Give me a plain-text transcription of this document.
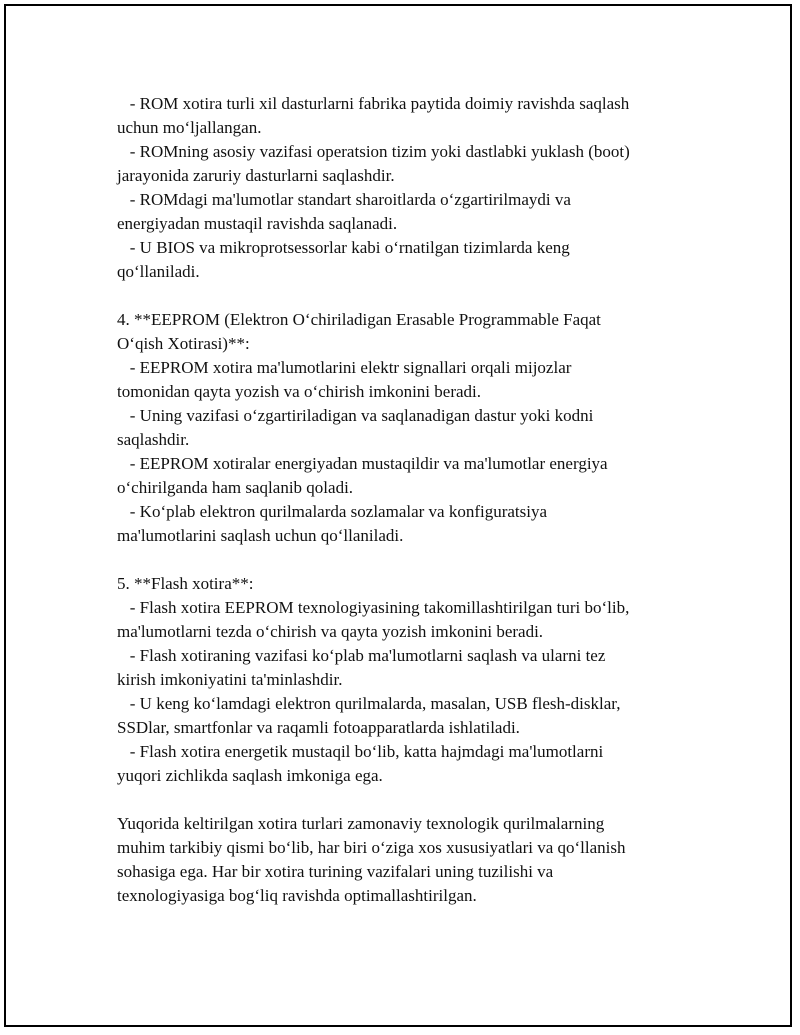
- ROM xotira turli xil dasturlarni fabrika paytida doimiy ravishda saqlash
uchun mo‘ljallangan.
- ROMning asosiy vazifasi operatsion tizim yoki dastlabki yuklash (boot)
jarayonida zaruriy dasturlarni saqlashdir.
- ROMdagi ma'lumotlar standart sharoitlarda o‘zgartirilmaydi va
energiyadan mustaqil ravishda saqlanadi.
- U BIOS va mikroprotsessorlar kabi o‘rnatilgan tizimlarda keng
qo‘llaniladi.
4. **EEPROM (Elektron O‘chiriladigan Erasable Programmable Faqat
O‘qish Xotirasi)**:
- EEPROM xotira ma'lumotlarini elektr signallari orqali mijozlar
tomonidan qayta yozish va o‘chirish imkonini beradi.
- Uning vazifasi o‘zgartiriladigan va saqlanadigan dastur yoki kodni
saqlashdir.
- EEPROM xotiralar energiyadan mustaqildir va ma'lumotlar energiya
o‘chirilganda ham saqlanib qoladi.
- Ko‘plab elektron qurilmalarda sozlamalar va konfiguratsiya
ma'lumotlarini saqlash uchun qo‘llaniladi.
5. **Flash xotira**:
- Flash xotira EEPROM texnologiyasining takomillashtirilgan turi bo‘lib,
ma'lumotlarni tezda o‘chirish va qayta yozish imkonini beradi.
- Flash xotiraning vazifasi ko‘plab ma'lumotlarni saqlash va ularni tez
kirish imkoniyatini ta'minlashdir.
- U keng ko‘lamdagi elektron qurilmalarda, masalan, USB flesh-disklar,
SSDlar, smartfonlar va raqamli fotoapparatlarda ishlatiladi.
- Flash xotira energetik mustaqil bo‘lib, katta hajmdagi ma'lumotlarni
yuqori zichlikda saqlash imkoniga ega.
Yuqorida keltirilgan xotira turlari zamonaviy texnologik qurilmalarning
muhim tarkibiy qismi bo‘lib, har biri o‘ziga xos xususiyatlari va qo‘llanish
sohasiga ega. Har bir xotira turining vazifalari uning tuzilishi va
texnologiyasiga bog‘liq ravishda optimallashtirilgan.
